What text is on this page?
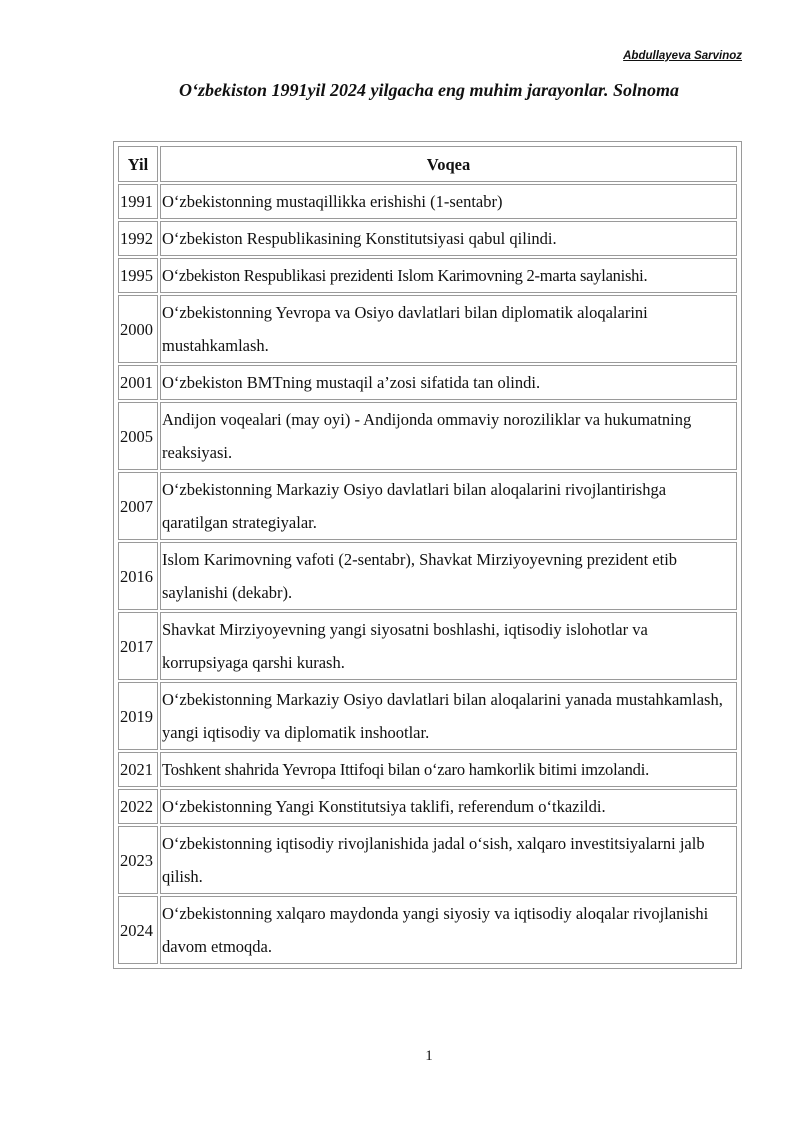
Abdullayeva Sarvinoz
O‘zbekiston 1991yil 2024 yilgacha eng muhim jarayonlar. Solnoma
Yil	Voqea
1991	O‘zbekistonning mustaqillikka erishishi (1-sentabr)
1992	O‘zbekiston Respublikasining Konstitutsiyasi qabul qilindi.
1995	O‘zbekiston Respublikasi prezidenti Islom Karimovning 2-marta saylanishi.
2000	O‘zbekistonning Yevropa va Osiyo davlatlari bilan diplomatik aloqalarini mustahkamlash.
2001	O‘zbekiston BMTning mustaqil a’zosi sifatida tan olindi.
2005	Andijon voqealari (may oyi) - Andijonda ommaviy noroziliklar va hukumatning reaksiyasi.
2007	O‘zbekistonning Markaziy Osiyo davlatlari bilan aloqalarini rivojlantirishga qaratilgan strategiyalar.
2016	Islom Karimovning vafoti (2-sentabr), Shavkat Mirziyoyevning prezident etib saylanishi (dekabr).
2017	Shavkat Mirziyoyevning yangi siyosatni boshlashi, iqtisodiy islohotlar va korrupsiyaga qarshi kurash.
2019	O‘zbekistonning Markaziy Osiyo davlatlari bilan aloqalarini yanada mustahkamlash, yangi iqtisodiy va diplomatik inshootlar.
2021	Toshkent shahrida Yevropa Ittifoqi bilan o‘zaro hamkorlik bitimi imzolandi.
2022	O‘zbekistonning Yangi Konstitutsiya taklifi, referendum o‘tkazildi.
2023	O‘zbekistonning iqtisodiy rivojlanishida jadal o‘sish, xalqaro investitsiyalarni jalb qilish.
2024	O‘zbekistonning xalqaro maydonda yangi siyosiy va iqtisodiy aloqalar rivojlanishi davom etmoqda.
1
